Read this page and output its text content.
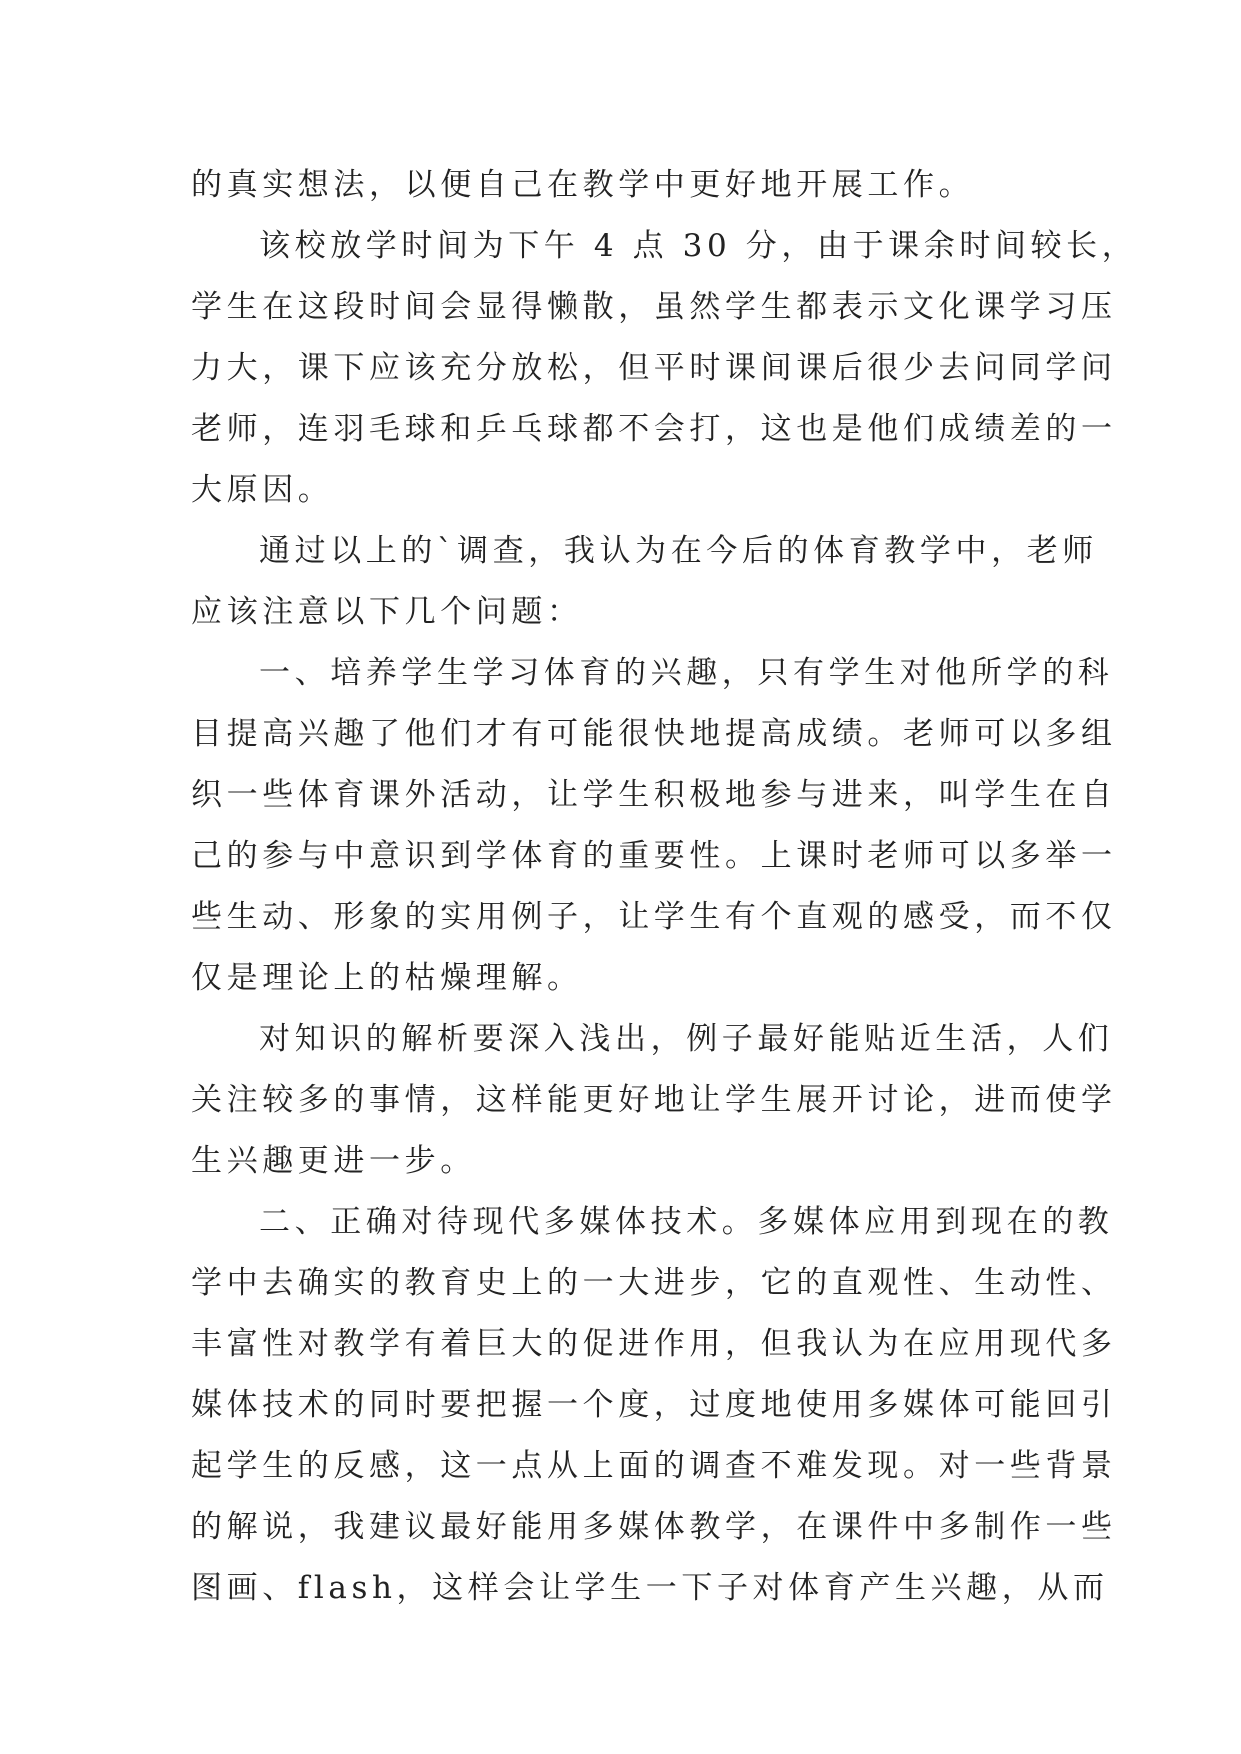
的真实想法，以便自己在教学中更好地开展工作。
该校放学时间为下午 4 点 30 分，由于课余时间较长，
学生在这段时间会显得懒散，虽然学生都表示文化课学习压
力大，课下应该充分放松，但平时课间课后很少去问同学问
老师，连羽毛球和乒乓球都不会打，这也是他们成绩差的一
大原因。
通过以上的`调查，我认为在今后的体育教学中，老师
应该注意以下几个问题：
一、培养学生学习体育的兴趣，只有学生对他所学的科
目提高兴趣了他们才有可能很快地提高成绩。老师可以多组
织一些体育课外活动，让学生积极地参与进来，叫学生在自
己的参与中意识到学体育的重要性。上课时老师可以多举一
些生动、形象的实用例子，让学生有个直观的感受，而不仅
仅是理论上的枯燥理解。
对知识的解析要深入浅出，例子最好能贴近生活，人们
关注较多的事情，这样能更好地让学生展开讨论，进而使学
生兴趣更进一步。
二、正确对待现代多媒体技术。多媒体应用到现在的教
学中去确实的教育史上的一大进步，它的直观性、生动性、
丰富性对教学有着巨大的促进作用，但我认为在应用现代多
媒体技术的同时要把握一个度，过度地使用多媒体可能回引
起学生的反感，这一点从上面的调查不难发现。对一些背景
的解说，我建议最好能用多媒体教学，在课件中多制作一些
图画、flash，这样会让学生一下子对体育产生兴趣，从而
